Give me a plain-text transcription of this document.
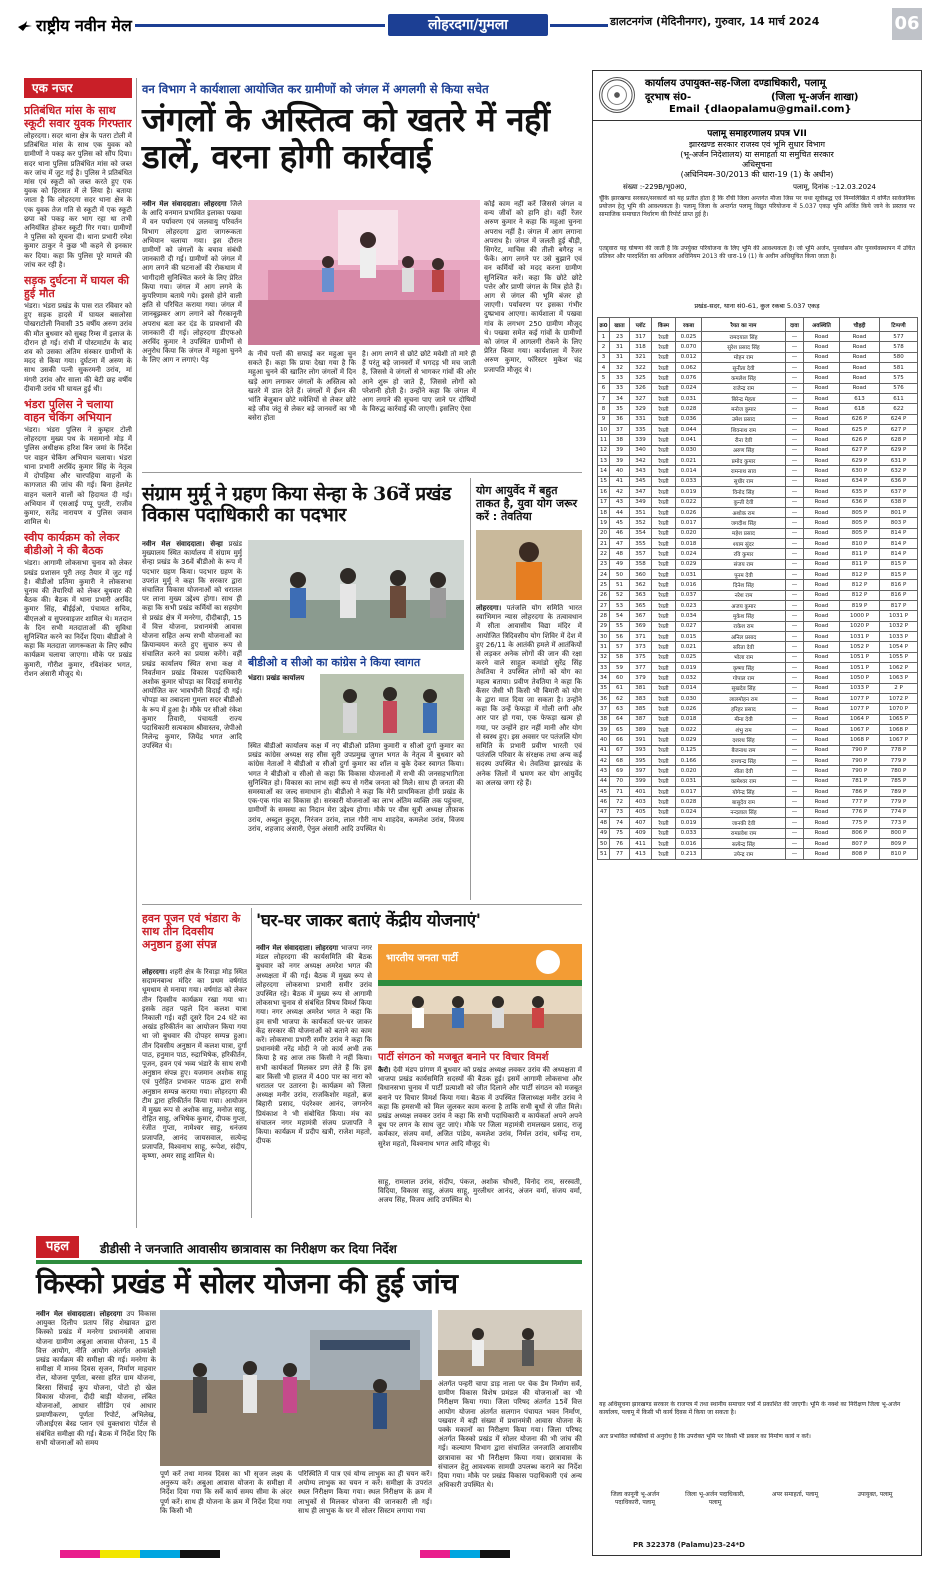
राष्ट्रीय नवीन मेल	लोहरदगा/गुमला	डालटनगंज (मेदिनीनगर), गुरुवार, 14 मार्च 2024	06
एक नजर
प्रतिबंधित मांस के साथ स्कूटी सवार युवक गिरफ्तार
लोहरदगा। सदर थाना क्षेत्र के पतरा टोली में प्रतिबंधित मांस के साथ एक युवक को ग्रामीणों ने पकड़ कर पुलिस को सौंप दिया। सदर थाना पुलिस प्रतिबंधित मांस को जब्त कर जांच में जुट गई है। पुलिस ने प्रतिबंधित मांस एवं स्कूटी को जब्त करते हुए एक युवक को हिरासत में ले लिया है। बताया जाता है कि लोहरदगा सदर थाना क्षेत्र के एक युवक तेज गति से स्कूटी में एक स्कूटी छपा को पकड़ कर भाग रहा था तभी अनियंत्रित होकर स्कूटी गिर गया। ग्रामीणों ने पुलिस को सूचना दी। थाना प्रभारी रमेश कुमार ठाकुर ने कुछ भी कहने से इनकार कर दिया। कहा कि पुलिस पूरे मामले की जांच कर रही है।
सड़क दुर्घटना में घायल की हुई मौत
भंडरा। भंडरा प्रखंड के पास रात रविवार को हुए सड़क हादसे में घायल बसलोसा पोखराटोली निवासी 35 वर्षीय अरुण उरांव की मौत बुधवार को सुबह रिम्स में इलाज के दौरान हो गई। रांची में पोस्टमार्टम के बाद शव को उसका अंतिम संस्कार ग्रामीणों के मदद से किया गया। दुर्घटना में अरुण के साथ उसकी पत्नी सुकरमनी उरांव, मां मंगरी उरांव और साला की बेटी छह वर्षीय दीवानी उरांव भी घायल हुई थी।
भंडरा पुलिस ने चलाया वाहन चेकिंग अभियान
भंडरा। भंडरा पुलिस ने कुम्हार टोली लोहरदगा मुख्य पथ के मसमानो मोड़ में पुलिस अधीक्षक हरिश बिन जमां के निर्देश पर वाहन चेकिंग अभियान चलाया। भंडरा थाना प्रभारी अरविंद कुमार सिंह के नेतृत्व में दोपहिया और चारपहिया वाहनों के कागजात की जांच की गई। बिना हेलमेट वाहन चलाने वालों को हिदायत दी गई। अभियान में एसआई पप्पू पुरती, राजीव कुमार, सतेंद्र नारायण व पुलिस जवान शामिल थे।
स्वीप कार्यक्रम को लेकर बीडीओ ने की बैठक
भंडरा। आगामी लोकसभा चुनाव को लेकर प्रखंड प्रशासन पूरी तरह तैयार में जुट गई है। बीडीओ प्रतिमा कुमारी ने लोकसभा चुनाव की तैयारियों को लेकर बूथवार की बैठक की। बैठक में थाना प्रभारी अरविंद कुमार सिंह, बीईईओ, पंचायत सचिव, बीएलओ व सुपरवाइजर शामिल थे। मतदान के दिन सभी मतदाताओं की सुविधा सुनिश्चित करने का निर्देश दिया। बीडीओ ने कहा कि मतदाता जागरूकता के लिए स्वीप कार्यक्रम चलाया जाएगा। मौके पर प्रखंड कुमारी, गौरीश कुमार, रविशंकर भगत, रोशन अंसारी मौजूद थे।
वन विभाग ने कार्यशाला आयोजित कर ग्रामीणों को जंगल में अगलगी से किया सचेत
जंगलों के अस्तित्व को खतरे में नहीं डालें, वरना होगी कार्रवाई
नवीन मेल संवाददाता। लोहरदगा जिले के आदि वनमान प्रभावित इलाका पखवा में वन पर्यावरण एवं जलवायु परिवर्तन विभाग लोहरदगा द्वारा जागरूकता अभियान चलाया गया। इस दौरान ग्रामीणों को जंगलों के बचाव संबंधी जानकारी दी गई। ग्रामीणों को जंगल में आग लगने की घटनाओं की रोकथाम में भागीदारी सुनिश्चित करने के लिए प्रेरित किया गया। जंगल में आग लगने के कुपरिणाम बताये गये। इससे होने वाली क्षति से परिचित कराया गया। जंगल में जानबूझकर आग लगाने को गैरकानूनी अपराध बता कर दंड के प्रावधानों की जानकारी दी गई। लोहरदगा डीएफओ अरविंद कुमार ने उपस्थित ग्रामीणों से अनुरोध किया कि जंगल में महुआ चुनने के लिए आग न लगाएं। पेड़
के नीचे पत्तों की सफाई कर महुआ चुन सकते हैं। कहा कि प्रायः देखा गया है कि महुआ चुनने की खातिर लोग जंगलों में दिन खड़े आग लगाकर जंगलों के अस्तित्व को खतरे में डाल देते हैं। जंगलों में ईंधन की भांति बेजुबान छोटे मवेशियों से लेकर छोटे बड़े जीव जंतु से लेकर बड़े जानवरों का भी बसेरा होता
है। आग लगने से छोटे छोटे मवेशी तो मारे ही हैं परंतु बड़े जानवरों में भगदड़ भी मच जाती है, जिससे वे जंगलों से भागकर गांवों की ओर आने शुरू हो जाते हैं, जिससे लोगों को परेशानी होती है। उन्होंने कहा कि जंगल में आग लगाने की सूचना पाए जाने पर दोषियों के विरुद्ध कार्रवाई की जाएगी। इसलिए ऐसा
कोई काम नहीं करें जिससे जंगल व वन्य जीवों को हानि हो। वहीं रेंजर अरुण कुमार ने कहा कि महुआ चुनना अपराध नहीं है। जंगल में आग लगाना अपराध है। जंगल में जलती हुई बीड़ी, सिगरेट, माचिस की तीली बगैरह न फेंकें। आग लगने पर उसे बुझाने एवं वन कर्मियों को मदद करना ग्रामीण सुनिश्चित करें। कहा कि छोटे छोटे पत्तेर और प्राणी जंगल के मित्र होते हैं। आग से जंगल की भूमि बंजर हो जाएगी। पर्यावरण पर इसका गंभीर दुष्प्रभाव आएगा। कार्यशाला में पखवा गांव के लगभग 250 ग्रामीण मौजूद थे। पखवा समेत कई गांवों के ग्रामीणों को जंगल में आगलगी रोकने के लिए प्रेरित किया गया। कार्यशाला में रेंजर अरुण कुमार, फॉरेस्टर मुकेश चंद्र प्रजापति मौजूद थे।
संग्राम मुर्मू ने ग्रहण किया सेन्हा के 36वें प्रखंड विकास पदाधिकारी का पदभार
नवीन मेल संवाददाता। सेन्हा प्रखंड मुख्यालय स्थित कार्यालय में संग्राम मुर्मू सेन्हा प्रखंड के 36वें बीडीओ के रूप में पदभार ग्रहण किया। पदभार ग्रहण के उपरांत मुर्मू ने कहा कि सरकार द्वारा संचालित विकास योजनाओं को धरातल पर लाना मुख्य उद्देश्य होगा। साथ ही कहा कि सभी प्रखंड कर्मियों का सहयोग से प्रखंड क्षेत्र में मनरेगा, दीदीबाड़ी, 15 वें वित्त योजना, प्रधानमंत्री आवास योजना सहित अन्य सभी योजनाओं का क्रियान्वयन करते हुए सुचारु रूप से संचालित करने का प्रयास करेंगे। वहीं प्रखंड कार्यालय स्थित सभा कक्ष में निवर्तमान प्रखंड विकास पदाधिकारी अशोक कुमार चोपड़ा का विदाई समारोह आयोजित कर भावभीनी विदाई दी गई। चोपड़ा का तबादला गुमला सदर बीडीओ के रूप में हुआ है। मौके पर सीओ रंकेश कुमार तिवारी, पंचायती राज्य पदाधिकारी सत्यकाम श्रीवास्तव, जेपीओ निलेन्द्र कुमार, जियेंद्र भगत आदि उपस्थित थे।
बीडीओ व सीओ का कांग्रेस ने किया स्वागत
भंडरा। प्रखंड कार्यालय
स्थित बीडीओ कार्यालय कक्ष में नए बीडीओ प्रतिमा कुमारी व सीओ दुर्गा कुमार का प्रखंड कांग्रेस अध्यक्ष सह सीस सुरी उपप्रमुख जुगल भगत के नेतृत्व में बुधवार को कांग्रेस नेताओं ने बीडीओ व सीओ दुर्गा कुमार का शॉल व बुके देकर स्वागत किया। भगत ने बीडीओ व सीओ से कहा कि विकास योजनाओं में सभी की जनसहभागिता सुनिश्चित हो। विकास का लाभ सही रूप से गरीब जनता को मिले। साथ ही जनता की समस्याओं का जल्द समाधान हो। बीडीओ ने कहा कि मेरी प्राथमिकता होगी प्रखंड के एक-एक गांव का विकास हो। सरकारी योजनाओं का लाभ अंतिम व्यक्ति तक पहुंचना, ग्रामीणों के समस्या का निदान मेरा उद्देश्य होगा। मौके पर वीस सूत्री अध्यक्ष तौफ़ाक उरांव, अब्दुल कुदूस, निरंजन उरांव, लाल गौरी नाथ शाहदेव, कमलेश उरांव, विजय उरांव, शहजाद अंसारी, ऐनुल अंसारी आदि उपस्थित थे।
योग आयुर्वेद में बहुत ताकत है, युवा योग जरूर करें : तेवतिया
लोहरदगा। पतंजलि योग समिति भारत स्वाभिमान न्यास लोहरदगा के तत्वावधान में सीता आवासीय विद्या मंदिर में आयोजित त्रिदिवसीय योग शिविर में देश में हुए 26/11 के आतंकी हमले में आतंकियों से लड़कर अनेक लोगों की जान की रक्षा करने वाले साहुल कमांडो सुरेंद्र सिंह तेवतिया ने उपस्थित लोगों को योग का महत्व बताया। प्रवीण तेवतिया ने कहा कि कैंसर जैसी भी किसी भी बिमारी को योग के द्वारा मात दिया जा सकता है। उन्होंने कहा कि उन्हें फेफड़ा में गोली लगी और आर पार हो गया, एक फेफड़ा खत्म हो गया, पर उन्होंने हार नहीं मानी और योग से स्वस्थ हुए। इस अवसर पर पतंजलि योग समिति के प्रभारी प्रवीण भारती एवं पतंजलि परिवार के संरक्षक तथा अन्य कई सदस्य उपस्थित थे। तेवतिया झारखंड के अनेक जिलों में भ्रमण कर योग आयुर्वेद का अलख जगा रहे हैं।
हवन पूजन एवं भंडारा के साथ तीन दिवसीय अनुष्ठान हुआ संपन्न
लोहरदगा। शहरी क्षेत्र के रिवाड़ा मोड़ स्थित सदामनबान्ध मंदिर का प्रथम वर्षगांठ धूमधाम से मनाया गया। वर्षगांठ को लेकर तीन दिवसीय कार्यक्रम रखा गया था। इसके तहत पहले दिन कलश यात्रा निकाली गई। वहीं दूसरे दिन 24 घंटे का अखंड हरिकीर्तन का आयोजन किया गया था जो बुधवार की दोपहर सम्पन्न हुआ। तीन दिवसीय अनुष्ठान में कलश यात्रा, दुर्गा पाठ, हनुमान पाठ, रुद्राभिषेक, हरिकीर्तन, पूजन, हवन एवं भव्य भंडारे के साथ सभी अनुष्ठान संपन्न हुए। यजमान अशोक साहू एवं पुरोहित प्रभाकर पाठक द्वारा सभी अनुष्ठान सम्पन्न कराया गया। लोहरदगा की टीम द्वारा हरिकीर्तन किया गया। आयोजन में मुख्य रूप से अशोक साहू, मनोज साहू, रोहित साहू, अभिषेक कुमार, दीपक गुप्ता, रंजीत गुप्ता, नामेश्वर साहू, धनंजय प्रजापति, आनंद जायसवाल, सत्येन्द्र प्रजापति, विश्वनाथ साहू, रूपेश, संदीप, कृष्णा, अमर साहू शामिल थे।
'घर-घर जाकर बताएं केंद्रीय योजनाएं'
नवीन मेल संवाददाता। लोहरदगा भाजपा नगर मंडल लोहरदगा की कार्यसमिति की बैठक बुधवार को नगर अध्यक्ष अमरेश भगत की अध्यक्षता में की गई। बैठक में मुख्य रूप से लोहरदगा लोकसभा प्रभारी समीर उरांव उपस्थित रहे। बैठक में मुख्य रूप से आगामी लोकसभा चुनाव से संबंधित विषय विमर्श किया गया। नगर अध्यक्ष अमरेश भगत ने कहा कि हम सभी भाजपा के कार्यकर्ता घर-घर जाकर केंद्र सरकार की योजनाओं को बताने का काम करें। लोकसभा प्रभारी समीर उरांव ने कहा कि प्रधानमंत्री नरेंद्र मोदी ने जो कार्य अभी तक किया है वह आज तक किसी ने नहीं किया। सभी कार्यकर्ता मिलकर प्रण लेते हैं कि इस बार किसी भी हालत में 400 पार का नारा को धरातल पर उतारना है। कार्यक्रम को जिला अध्यक्ष मनीर उरांव, राजकिशोर महतो, ब्रज बिहारी प्रसाद, पंदरेश्वर आनंद, जगनरेन प्रियंकाश ने भी संबोधित किया। मंच का संचालन नगर महामंत्री संजय प्रजापति ने किया। कार्यक्रम में प्रदीप खत्री, राजेश महतो, दीपक
भारतीय जनता पार्टी
पार्टी संगठन को मजबूत बनाने पर विचार विमर्श
कैरो। देवी मंडप प्रांगण में बुधवार को प्रखंड अध्यक्ष लवकर उरांव की अध्यक्षता में भाजपा प्रखंड कार्यसमिति सदस्यों की बैठक हुई। इसमें आगामी लोकसभा और विधानसभा चुनाव में पार्टी प्रत्याशी को जीत दिलाने और पार्टी संगठन को मजबूत बनाने पर विचार विमर्श किया गया। बैठक में उपस्थित जिलाध्यक्ष मनीर उरांव ने कहा कि हमसभी को मिल जुलकर काम करना है ताकि सभी बूथों से जीत मिले। प्रखंड अध्यक्ष लवकर उरांव ने कहा कि सभी पदाधिकारी व कार्यकर्ता अपने अपने बूथ पर लगन के साथ जुट जाएं। मौके पर जिला महामंत्री रामलखन प्रसाद, राजू कर्मकार, संजय वर्मा, अजित पांडेय, कमलेश उरांव, निर्मल उरांव, धर्मेन्द्र राम, सुरेश महतो, विश्वनाथ भगत आदि मौजूद थे।
साहू, रामलाल उरांव, संदीप, पंकज, अशोक चौधरी, विनोद राय, सरस्वती, विदिया, विकास साहू, अंजय साहू, मुरलीधर आनंद, अंजन वर्मा, संजय वर्मा, अजय सिंह, विजय आदि उपस्थित थे।
पहल	डीडीसी ने जनजाति आवासीय छात्रावास का निरीक्षण कर दिया निर्देश
किस्को प्रखंड में सोलर योजना की हुई जांच
नवीन मेल संवाददाता। लोहरदगा उप विकास आयुक्त दिलीप प्रताप सिंह शेखावत द्वारा किस्को प्रखंड में मनरेगा प्रधानमंत्री आवास योजना ग्रामीण अबुआ आवास योजना, 15 वें वित्त आयोग, नीति आयोग अंतर्गत आकांक्षी प्रखंड कार्यक्रम की समीक्षा की गई। मनरेगा के समीक्षा में मानव दिवस सृजन, निर्माण माहवार रोल, योजना पूर्णता, बरसा हरित ग्राम योजना, बिरसा सिंचाई कूप योजना, पोटो हो खेल विकास योजना, दीदी बाड़ी योजना, लंबित योजनाओं, आधार सीडिंग एवं आधार प्रमाणीकरण, पूर्णता रिपोर्ट, अभिलेख, जीआईएस बेस्ड प्लान एवं युक्तधारा पोर्टल से संबंधित समीक्षा की गई। बैठक में निर्देश दिए कि सभी योजनाओं को समय
पूर्ण करें तथा मानव दिवस का भी सृजन लक्ष्य के अनुरूप करें। अबुआ आवास योजना के समीक्षा में निर्देश दिया गया कि सर्वे कार्य समय सीमा के अंदर पूर्ण करें। साथ ही योजना के क्रम में निर्देश दिया गया कि किसी भी
परिस्थिति में पात्र एवं योग्य लाभुक का ही चयन करें। अयोग्य लाभुक का चयन न करें। समीक्षा के उपरांत स्थल निरीक्षण किया गया। स्थल निरीक्षण के क्रम में लाभुकों से मिलकर योजना की जानकारी ली गई। साथ ही लाभुक के घर में सोलर सिस्टम लगाया गया
अंतर्गत पन्हरी चापा डाड़ नाला पर चेक डैम निर्माण सर्वे, ग्रामीण विकास विशेष प्रमंडल की योजनाओं का भी निरीक्षण किया गया। जिला परिषद अंतर्गत 15वें वित्त आयोग योजना अंतर्गत सलगान पंचायत भवन निर्माण, पखवार में बड़ी संख्या में प्रधानमंत्री आवास योजना के पक्के मकानों का निरीक्षण किया गया। जिला परिषद अंतर्गत किस्को प्रखंड में सोलर योजना की भी जांच की गई। कल्याण विभाग द्वारा संचालित जनजाति आवासीय छात्रावास का भी निरीक्षण किया गया। छात्रावास के संचालन हेतु आवश्यक सामग्री उपलब्ध कराने का निर्देश दिया गया। मौके पर प्रखंड विकास पदाधिकारी एवं अन्य अधिकारी उपस्थित थे।
कार्यालय उपायुक्त-सह-जिला दण्डाधिकारी, पलामू
दूरभाष सं0-	(जिला भू-अर्जन शाखा)
Email {dlaopalamu@gmail.com}
पलामू समाहरणालय प्रपत्र VII
झारखण्ड सरकार राजस्व एवं भूमि सुधार विभाग
(भू-अर्जन निदेशालय) या समाहर्ता या समुचित सरकार
अधिसूचना
(अधिनियम-30/2013 की धारा-19 (1) के अधीन)
संख्या :-229B/भू0अ0,	पलामू, दिनांक :-12.03.2024
चूँकि झारखण्ड सरकार/सरकारों को यह प्रतीत होता है कि राँची जिला अन्तर्गत मौजा जिस पर यथा सूचीबद्ध एवं निम्नलिखित में वर्णित सार्वजनिक प्रयोजन हेतु भूमि की आवश्यकता है। पलामू जिला के अन्तर्गत पलामू विद्युत परियोजना में 5.037 एकड़ भूमि अर्जित किये जाने के प्रस्ताव पर सामाजिक समाघात निर्धारण की रिपोर्ट प्राप्त हुई है।
एतद्द्वारा यह घोषणा की जाती है कि उपर्युक्त परियोजना के लिए भूमि की आवश्यकता है। जो भूमि अर्जन, पुनर्वासन और पुनर्व्यवस्थापन में उचित प्रतिकर और पारदर्शिता का अधिकार अधिनियम 2013 की धारा-19 (1) के अधीन अधिसूचित किया जाता है।
प्रखंड-सदर, थाना सं0-61, कुल रकबा 5.037 एकड़
क्र0	खाता	प्लॉट	किस्म	रकबा	रैयत का नाम	दावा	अवस्थिति	चौहद्दी	टिप्पणी
1	23	317	रैयती	0.025	रामदयाल सिंह	—	Road	Road	577
2	31	318	रैयती	0.070	सुरेश प्रसाद सिंह	—	Road	Road	578
3	31	321	रैयती	0.012	मोहन राम	—	Road	Road	580
4	32	322	रैयती	0.062	सुनीता देवी	—	Road	Road	581
5	33	325	रैयती	0.076	कमलेश सिंह	—	Road	Road	575
6	33	326	रैयती	0.024	राजेन्द्र राम	—	Road	Road	576
7	34	327	रैयती	0.031	बिरेन्द्र मेहता	—	Road	613	611
8	35	329	रैयती	0.028	मनोज कुमार	—	Road	618	622
9	36	331	रैयती	0.036	उमेश प्रसाद	—	Road	626 P	624 P
10	37	335	रैयती	0.044	शिवनाथ राम	—	Road	625 P	627 P
11	38	339	रैयती	0.041	रीना देवी	—	Road	626 P	628 P
12	39	340	रैयती	0.030	अरुण सिंह	—	Road	627 P	629 P
13	39	342	रैयती	0.021	प्रमोद कुमार	—	Road	629 P	631 P
14	40	343	रैयती	0.014	रामनाथ साव	—	Road	630 P	632 P
15	41	345	रैयती	0.033	सुधीर राम	—	Road	634 P	636 P
16	42	347	रैयती	0.019	विनोद सिंह	—	Road	635 P	637 P
17	43	349	रैयती	0.022	कुन्ती देवी	—	Road	636 P	638 P
18	44	351	रैयती	0.026	अशोक राम	—	Road	805 P	801 P
19	45	352	रैयती	0.017	जगदीश सिंह	—	Road	805 P	803 P
20	46	354	रैयती	0.020	महेश प्रसाद	—	Road	805 P	814 P
21	47	355	रैयती	0.018	श्याम सुंदर	—	Road	810 P	814 P
22	48	357	रैयती	0.024	रवि कुमार	—	Road	811 P	814 P
23	49	358	रैयती	0.029	संजय राम	—	Road	811 P	815 P
24	50	360	रैयती	0.031	पूनम देवी	—	Road	812 P	815 P
25	51	362	रैयती	0.016	दिनेश सिंह	—	Road	812 P	816 P
26	52	363	रैयती	0.037	नरेश राम	—	Road	812 P	816 P
27	53	365	रैयती	0.023	अजय कुमार	—	Road	819 P	817 P
28	54	367	रैयती	0.034	मुकेश सिंह	—	Road	1000 P	1031 P
29	55	369	रैयती	0.027	राकेश राम	—	Road	1020 P	1032 P
30	56	371	रैयती	0.015	अनिल प्रसाद	—	Road	1031 P	1033 P
31	57	373	रैयती	0.021	सरिता देवी	—	Road	1052 P	1054 P
32	58	375	रैयती	0.025	भोला राम	—	Road	1051 P	1055 P
33	59	377	रैयती	0.019	कृष्णा सिंह	—	Road	1051 P	1062 P
34	60	379	रैयती	0.032	गोपाल राम	—	Road	1050 P	1063 P
35	61	381	रैयती	0.014	सुखदेव सिंह	—	Road	1033 P	2 P
36	62	383	रैयती	0.030	लालमोहन राम	—	Road	1077 P	1072 P
37	63	385	रैयती	0.026	हरिहर प्रसाद	—	Road	1077 P	1070 P
38	64	387	रैयती	0.018	मीना देवी	—	Road	1064 P	1065 P
39	65	389	रैयती	0.022	शंभु राम	—	Road	1067 P	1068 P
40	66	391	रैयती	0.029	दशरथ सिंह	—	Road	1068 P	1067 P
41	67	393	रैयती	0.125	बैजनाथ राम	—	Road	790 P	778 P
42	68	395	रैयती	0.166	रामचन्द्र सिंह	—	Road	790 P	779 P
43	69	397	रैयती	0.020	सीता देवी	—	Road	790 P	780 P
44	70	399	रैयती	0.031	कामेश्वर राम	—	Road	781 P	785 P
45	71	401	रैयती	0.017	योगेन्द्र सिंह	—	Road	786 P	789 P
46	72	403	रैयती	0.028	बासुदेव राम	—	Road	777 P	779 P
47	73	405	रैयती	0.024	नन्दलाल सिंह	—	Road	776 P	774 P
48	74	407	रैयती	0.019	जानकी देवी	—	Road	775 P	773 P
49	75	409	रैयती	0.033	रामप्रवेश राम	—	Road	806 P	800 P
50	76	411	रैयती	0.016	सत्येन्द्र सिंह	—	Road	807 P	809 P
51	77	413	रैयती	0.213	उपेन्द्र राम	—	Road	808 P	810 P
यह अधिसूचना झारखण्ड सरकार के राजपत्र में तथा स्थानीय समाचार पत्रों में प्रकाशित की जाएगी। भूमि के नक्शे का निरीक्षण जिला भू-अर्जन कार्यालय, पलामू में किसी भी कार्य दिवस में किया जा सकता है।
अतः प्रभावित व्यक्तियों से अनुरोध है कि उपरोक्त भूमि पर किसी भी प्रकार का निर्माण कार्य न करें।
जिला कानूनी भू-अर्जन पदाधिकारी, पलामू
जिला भू-अर्जन पदाधिकारी, पलामू
अपर समाहर्ता, पलामू	उपायुक्त, पलामू
PR 322378 (Palamu)23-24*D
